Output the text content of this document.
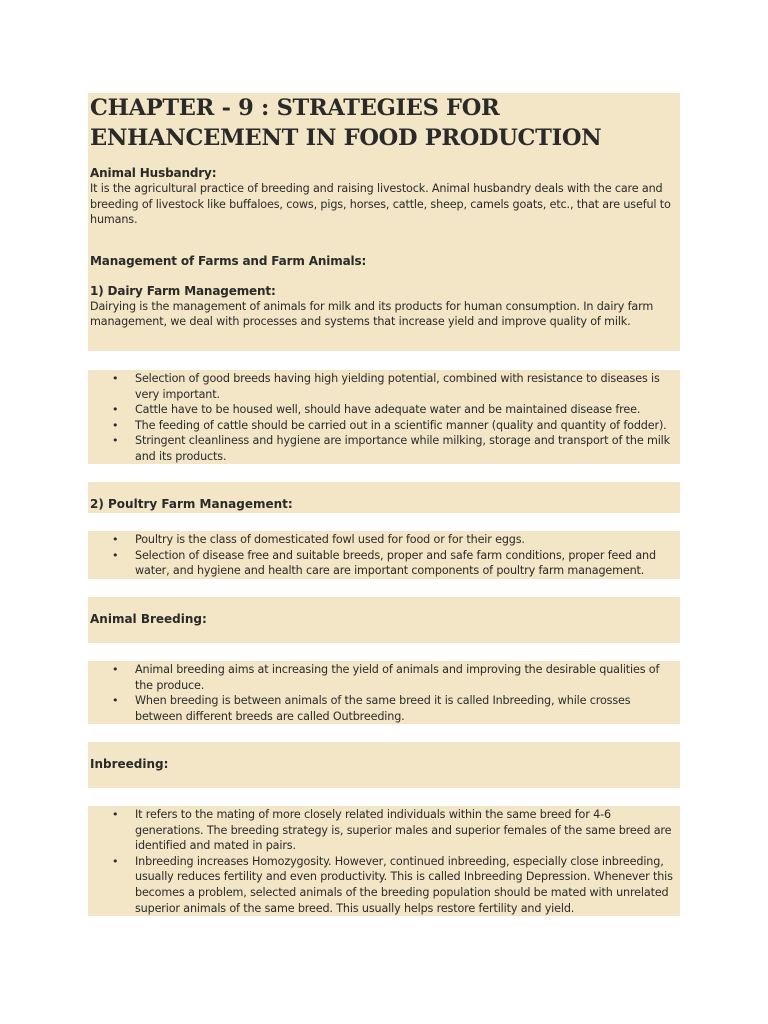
CHAPTER - 9 : STRATEGIES FOR
ENHANCEMENT IN FOOD PRODUCTION
Animal Husbandry:

It is the agricultural practice of breeding and raising livestock. Animal husbandry deals with the care and breeding of livestock like buffaloes, cows, pigs, horses, cattle, sheep, camels goats, etc., that are useful to humans.

Management of Farms and Farm Animals:
1) Dairy Farm Management:

Dairying is the management of animals for milk and its products for human consumption. In dairy farm management, we deal with processes and systems that increase yield and improve quality of milk.

• Selection of good breeds having high yielding potential, combined with resistance to diseases is very important.
• Cattle have to be housed well, should have adequate water and be maintained disease free.
• The feeding of cattle should be carried out in a scientific manner (quality and quantity of fodder).
• Stringent cleanliness and hygiene are importance while milking, storage and transport of the milk and its products.
2) Poultry Farm Management:
• Poultry is the class of domesticated fowl used for food or for their eggs.
• Selection of disease free and suitable breeds, proper and safe farm conditions, proper feed and water, and hygiene and health care are important components of poultry farm management.
Animal Breeding:
• Animal breeding aims at increasing the yield of animals and improving the desirable qualities of the produce.
• When breeding is between animals of the same breed it is called Inbreeding, while crosses between different breeds are called Outbreeding.
Inbreeding:
• It refers to the mating of more closely related individuals within the same breed for 4-6 generations. The breeding strategy is, superior males and superior females of the same breed are identified and mated in pairs.
• Inbreeding increases Homozygosity. However, continued inbreeding, especially close inbreeding, usually reduces fertility and even productivity. This is called Inbreeding Depression. Whenever this becomes a problem, selected animals of the breeding population should be mated with unrelated superior animals of the same breed. This usually helps restore fertility and yield.
